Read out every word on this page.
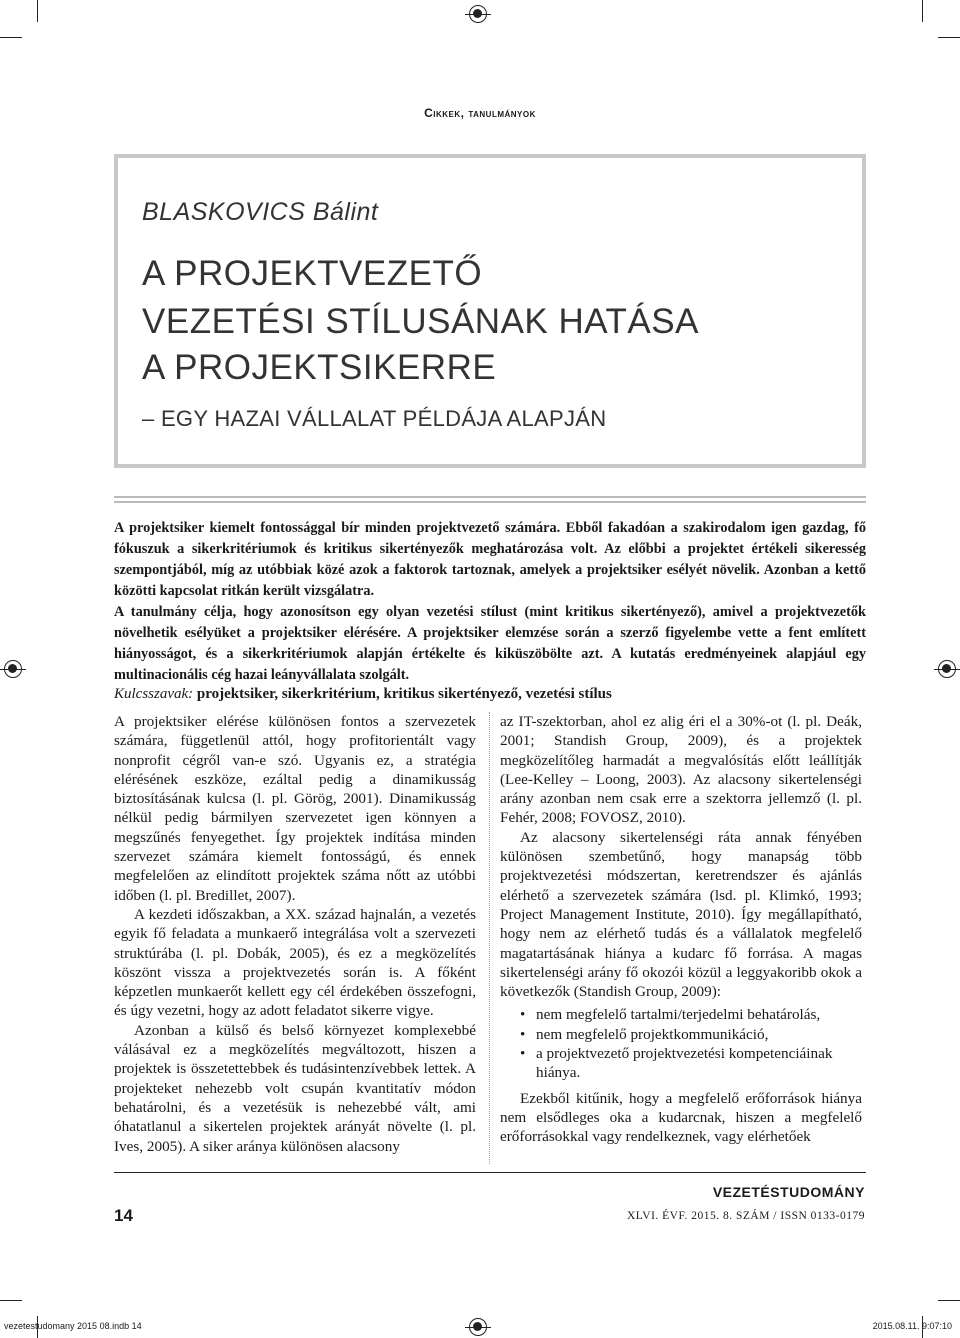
Cikkek, tanulmányok
BLASKOVICS Bálint
A PROJEKTVEZETŐ
VEZETÉSI STÍLUSÁNAK HATÁSA
A PROJEKTSIKERRE
– EGY HAZAI VÁLLALAT PÉLDÁJA ALAPJÁN

A projektsiker kiemelt fontossággal bír minden projektvezető számára. Ebből fakadóan a szakirodalom igen gazdag, fő fókuszuk a sikerkritériumok és kritikus sikertényezők meghatározása volt. Az előbbi a projektet értékeli sikeresség szempontjából, míg az utóbbiak közé azok a faktorok tartoznak, amelyek a projektsiker esélyét növelik. Azonban a kettő közötti kapcsolat ritkán került vizsgálatra.

A tanulmány célja, hogy azonosítson egy olyan vezetési stílust (mint kritikus sikertényező), amivel a projektvezetők növelhetik esélyüket a projektsiker elérésére. A projektsiker elemzése során a szerző figyelembe vette a fent említett hiányosságot, és a sikerkritériumok alapján értékelte és kiküszöbölte azt. A kutatás eredményeinek alapjául egy multinacionális cég hazai leányvállalata szolgált.

Kulcsszavak: projektsiker, sikerkritérium, kritikus sikertényező, vezetési stílus

A projektsiker elérése különösen fontos a szervezetek számára, függetlenül attól, hogy profitorientált vagy nonprofit cégről van-e szó. Ugyanis ez, a stratégia elérésének eszköze, ezáltal pedig a dinamikusság biztosításának kulcsa (l. pl. Görög, 2001). Dinamikusság nélkül pedig bármilyen szervezetet igen könnyen a megszűnés fenyegethet. Így projektek indítása minden szervezet számára kiemelt fontosságú, és ennek megfelelően az elindított projektek száma nőtt az utóbbi időben (l. pl. Bredillet, 2007).

A kezdeti időszakban, a XX. század hajnalán, a vezetés egyik fő feladata a munkaerő integrálása volt a szervezeti struktúrába (l. pl. Dobák, 2005), és ez a megközelítés köszönt vissza a projektvezetés során is. A főként képzetlen munkaerőt kellett egy cél érdekében összefogni, és úgy vezetni, hogy az adott feladatot sikerre vigye.

Azonban a külső és belső környezet komplexebbé válásával ez a megközelítés megváltozott, hiszen a projektek is összetettebbek és tudásintenzívebbek lettek. A projekteket nehezebb volt csupán kvantitatív módon behatárolni, és a vezetésük is nehezebbé vált, ami óhatatlanul a sikertelen projektek arányát növelte (l. pl. Ives, 2005). A siker aránya különösen alacsony

az IT-szektorban, ahol ez alig éri el a 30%-ot (l. pl. Deák, 2001; Standish Group, 2009), és a projektek megközelítőleg harmadát a megvalósítás előtt leállítják (Lee-Kelley – Loong, 2003). Az alacsony sikertelenségi arány azonban nem csak erre a szektorra jellemző (l. pl. Fehér, 2008; FOVOSZ, 2010).

Az alacsony sikertelenségi ráta annak fényében különösen szembetűnő, hogy manapság több projektvezetési módszertan, keretrendszer és ajánlás elérhető a szervezetek számára (lsd. pl. Klimkó, 1993; Project Management Institute, 2010). Így megállapítható, hogy nem az elérhető tudás és a vállalatok megfelelő magatartásának hiánya a kudarc fő forrása. A magas sikertelenségi arány fő okozói közül a leggyakoribb okok a következők (Standish Group, 2009):

• nem megfelelő tartalmi/terjedelmi behatárolás,
• nem megfelelő projektkommunikáció,
• a projektvezető projektvezetési kompetenciáinak hiánya.

Ezekből kitűnik, hogy a megfelelő erőforrások hiánya nem elsődleges oka a kudarcnak, hiszen a megfelelő erőforrásokkal vagy rendelkeznek, vagy elérhetőek

14
VEZETÉSTUDOMÁNY
XLVI. ÉVF. 2015. 8. SZÁM / ISSN 0133-0179
vezetestudomany 2015 08.indb 14	2015.08.11. 9:07:10
